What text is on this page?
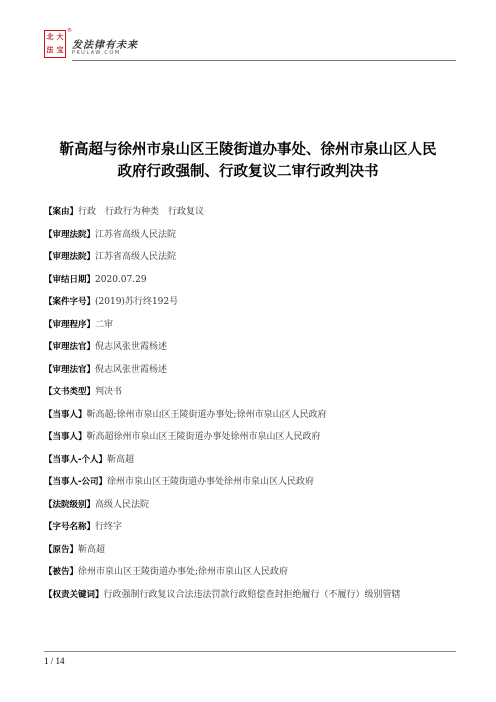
北 大
法 宝
®
发法律有未来
PKULAW.COM
靳高超与徐州市泉山区王陵街道办事处、徐州市泉山区人民
政府行政强制、行政复议二审行政判决书
【案由】行政　行政行为种类　行政复议
【审理法院】江苏省高级人民法院
【审理法院】江苏省高级人民法院
【审结日期】2020.07.29
【案件字号】(2019)苏行终192号
【审理程序】二审
【审理法官】倪志风张世霞杨述
【审理法官】倪志风张世霞杨述
【文书类型】判决书
【当事人】靳高超;徐州市泉山区王陵街道办事处;徐州市泉山区人民政府
【当事人】靳高超徐州市泉山区王陵街道办事处徐州市泉山区人民政府
【当事人-个人】靳高超
【当事人-公司】徐州市泉山区王陵街道办事处徐州市泉山区人民政府
【法院级别】高级人民法院
【字号名称】行终字
【原告】靳高超
【被告】徐州市泉山区王陵街道办事处;徐州市泉山区人民政府
【权责关键词】行政强制行政复议合法违法罚款行政赔偿查封拒绝履行（不履行）级别管辖
1 / 14
